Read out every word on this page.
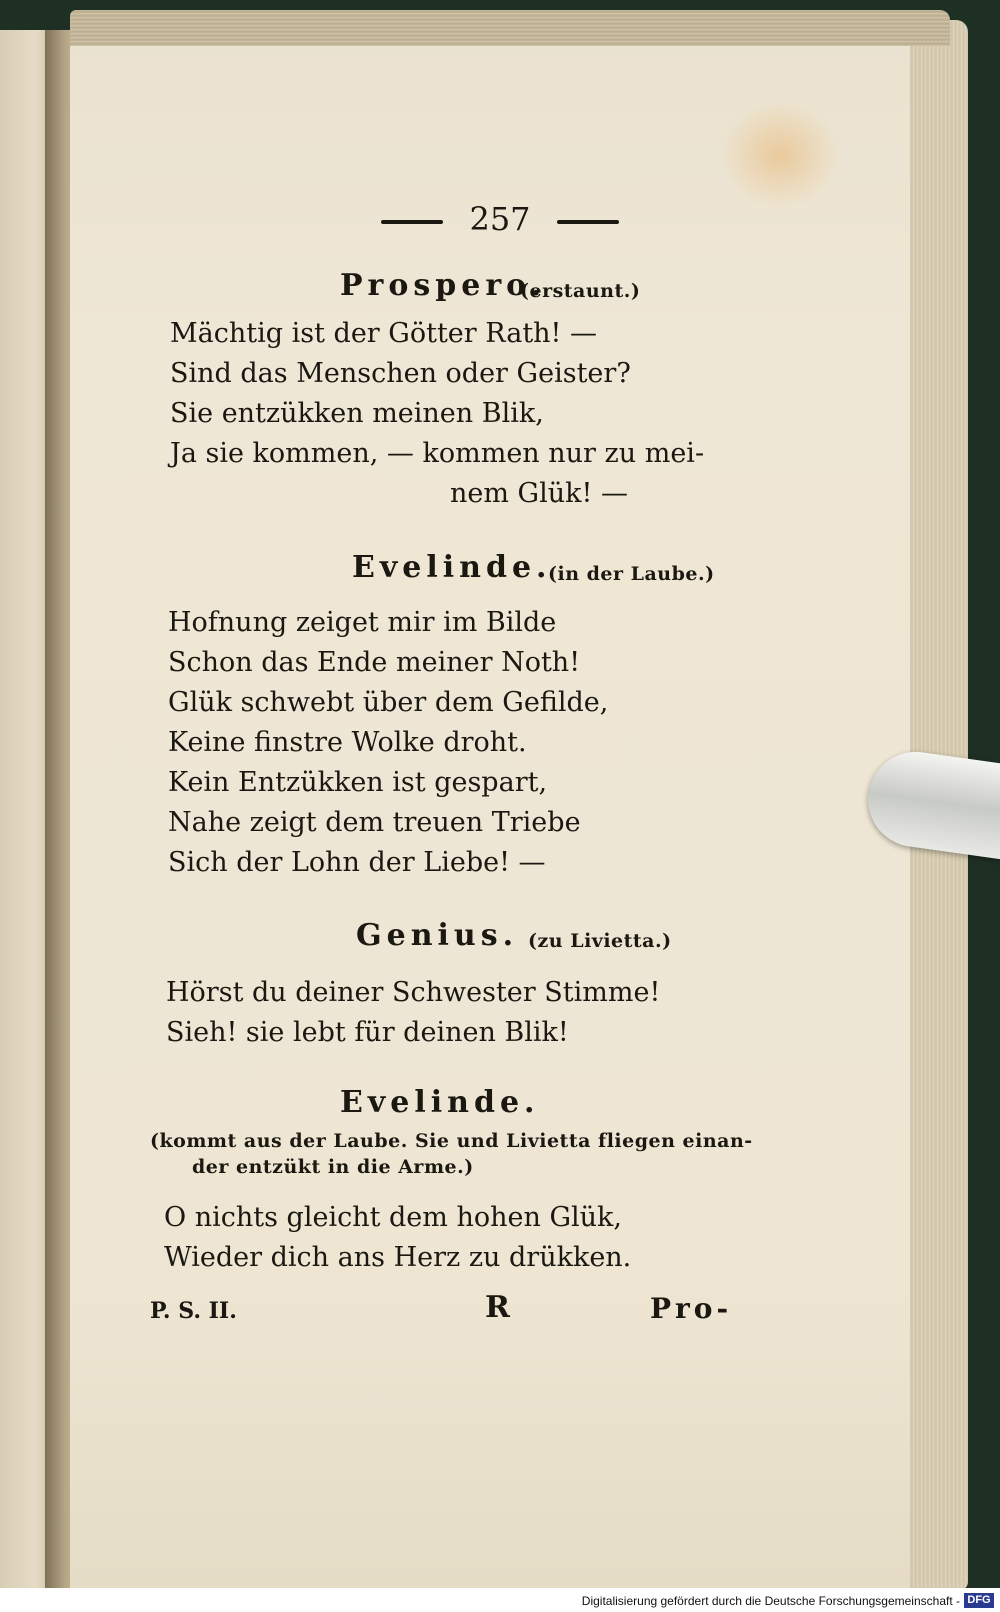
257
Prospero.
(erstaunt.)
Mächtig ist der Götter Rath! —
Sind das Menschen oder Geister?
Sie entzükken meinen Blik,
Ja sie kommen, — kommen nur zu mei-
nem Glük! —
Evelinde.
(in der Laube.)
Hofnung zeiget mir im Bilde
Schon das Ende meiner Noth!
Glük schwebt über dem Gefilde,
Keine finstre Wolke droht.
Kein Entzükken ist gespart,
Nahe zeigt dem treuen Triebe
Sich der Lohn der Liebe! —
Genius. (zu Livietta.)
Hörst du deiner Schwester Stimme!
Sieh! sie lebt für deinen Blik!
Evelinde.
(kommt aus der Laube. Sie und Livietta fliegen einan-
der entzükt in die Arme.)
O nichts gleicht dem hohen Glük,
Wieder dich ans Herz zu drükken.
P. S. II.	R	Pro-
Digitalisierung gefördert durch die Deutsche Forschungsgemeinschaft - DFG
